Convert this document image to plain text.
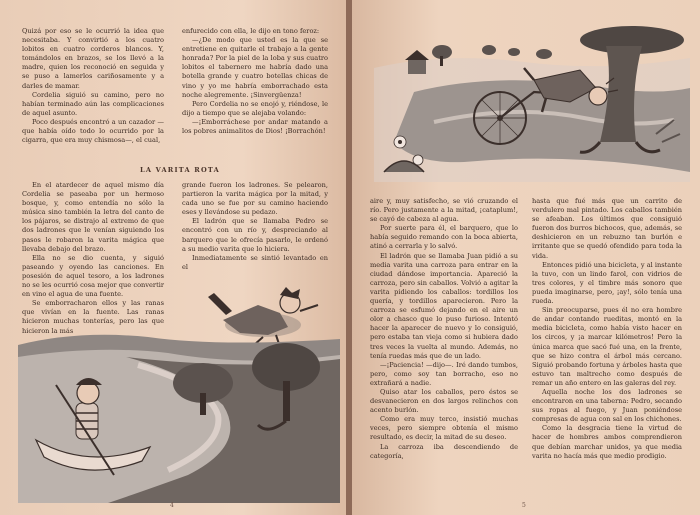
Quizá por eso se le ocurrió la idea que necesitaba. Y convirtió a los cuatro lobitos en cuatro corderos blancos. Y, tomándolos en brazos, se los llevó a la madre, quien los reconoció en seguida y se puso a lamerlos cariñosamente y a darles de mamar.

Cordelia siguió su camino, pero no habían terminado aún las complicaciones de aquel asunto.

Poco después encontró a un cazador — que había oído todo lo ocurrido por la cigarra, que era muy chismosa—, el cual,

enfurecido con ella, le dijo en tono feroz:

—¿De modo que usted es la que se entretiene en quitarle el trabajo a la gente honrada? Por la piel de la loba y sus cuatro lobitos el tabernero me habría dado una botella grande y cuatro botellas chicas de vino y yo me habría emborrachado esta noche alegremente. ¡Sinvergüenza!

Pero Cordelia no se enojó y, riéndose, le dijo a tiempo que se alejaba volando:

—¡Emborráchese por andar matando a los pobres animalitos de Dios! ¡Borrachón!

LA VARITA ROTA

En el atardecer de aquel mismo día Cordelia se paseaba por un hermoso bosque, y, como entendía no sólo la música sino también la letra del canto de los pájaros, se distrajo al extremo de que dos ladrones que le venían siguiendo los pasos le robaron la varita mágica que llevaba debajo del brazo.

Ella no se dio cuenta, y siguió paseando y oyendo las canciones. En posesión de aquel tesoro, a los ladrones no se les ocurrió cosa mejor que convertir en vino el agua de una fuente.

Se emborracharon ellos y las ranas que vivían en la fuente. Las ranas hicieron muchas tonterías, pero las que hicieron la más

grande fueron los ladrones. Se pelearon, partieron la varita mágica por la mitad, y cada uno se fue por su camino haciendo eses y llevándose su pedazo.

El ladrón que se llamaba Pedro se encontró con un río y, despreciando al barquero que le ofrecía pasarlo, le ordenó a su medio varita que lo hiciera.

Inmediatamente se sintió levantado en el

4

aire y, muy satisfecho, se vió cruzando el río. Pero justamente a la mitad, ¡cataplum!, se cayó de cabeza al agua.

Por suerte para él, el barquero, que lo había seguido remando con la boca abierta, atinó a cerrarla y lo salvó.

El ladrón que se llamaba Juan pidió a su media varita una carroza para entrar en la ciudad dándose importancia. Apareció la carroza, pero sin caballos. Volvió a agitar la varita pidiendo los caballos: tordillos los quería, y tordillos aparecieron. Pero la carroza se esfumó dejando en el aire un olor a chasco que lo puso furioso. Intentó hacer la aparecer de nuevo y lo consiguió, pero estaba tan vieja como si hubiera dado tres veces la vuelta al mundo. Además, no tenía ruedas más que de un lado.

—¡Paciencia! —dijo—. Iré dando tumbos, pero, como soy tan borracho, eso no extrañará a nadie.

Quiso atar los caballos, pero éstos se desvanecieron en dos largos relinchos con acento burlón.

Como era muy terco, insistió muchas veces, pero siempre obtenía el mismo resultado, es decir, la mitad de su deseo.

La carroza iba descendiendo de categoría,

hasta que fué más que un carrito de verdulero mal pintado. Los caballos también se afeaban. Los últimos que consiguió fueron dos burros bichocos, que, además, se deshicieron en un rebuzno tan burlón e irritante que se quedó ofendido para toda la vida.

Entonces pidió una bicicleta, y al instante la tuvo, con un lindo farol, con vidrios de tres colores, y el timbre más sonoro que pueda imaginarse, pero, ¡ay!, sólo tenía una rueda.

Sin preocuparse, pues él no era hombre de andar contando rueditas, montó en la media bicicleta, como había visto hacer en los circos, y ¡a marcar kilómetros! Pero la única marca que sacó fué una, en la frente, que se hizo contra el árbol más cercano. Siguió probando fortuna y árboles hasta que estuvo tan maltrecho como después de remar un año entero en las galeras del rey.

Aquella noche los dos ladrones se encontraron en una taberna: Pedro, secando sus ropas al fuego, y Juan poniéndose compresas de agua con sal en los chichones.

Como la desgracia tiene la virtud de hacer de hombres ambos comprendieron que debían marchar unidos, ya que media varita no hacía más que medio prodigio.

5
